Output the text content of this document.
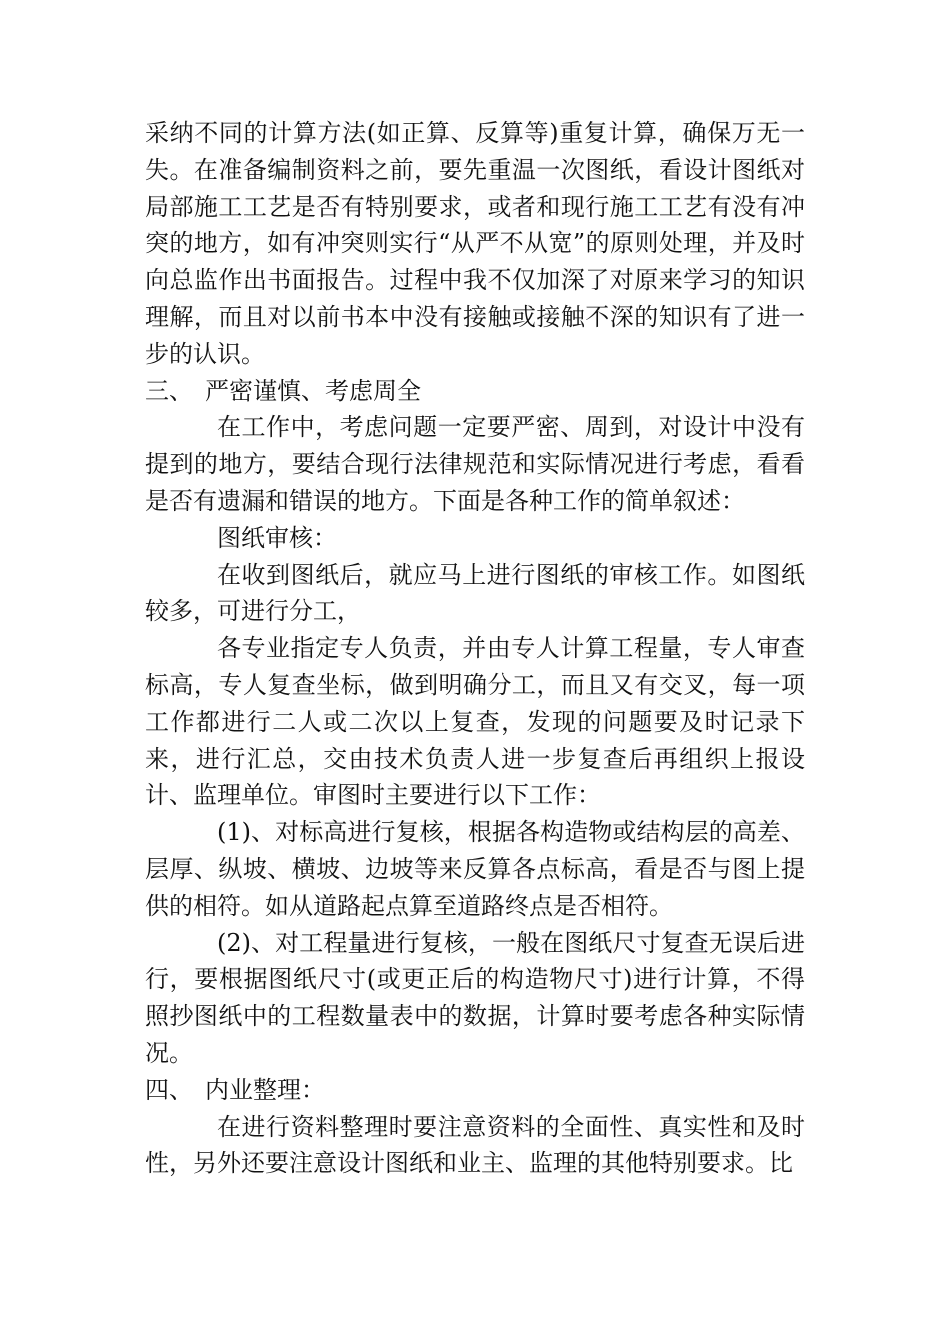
采纳不同的计算方法(如正算、反算等)重复计算，确保万无一失。在准备编制资料之前，要先重温一次图纸，看设计图纸对局部施工工艺是否有特别要求，或者和现行施工工艺有没有冲突的地方，如有冲突则实行“从严不从宽”的原则处理，并及时向总监作出书面报告。过程中我不仅加深了对原来学习的知识理解，而且对以前书本中没有接触或接触不深的知识有了进一步的认识。

三、 严密谨慎、考虑周全

在工作中，考虑问题一定要严密、周到，对设计中没有提到的地方，要结合现行法律规范和实际情况进行考虑，看看是否有遗漏和错误的地方。下面是各种工作的简单叙述：

图纸审核：

在收到图纸后，就应马上进行图纸的审核工作。如图纸较多，可进行分工，

各专业指定专人负责，并由专人计算工程量，专人审查标高，专人复查坐标，做到明确分工，而且又有交叉，每一项工作都进行二人或二次以上复查，发现的问题要及时记录下来，进行汇总，交由技术负责人进一步复查后再组织上报设计、监理单位。审图时主要进行以下工作：

(1)、对标高进行复核，根据各构造物或结构层的高差、层厚、纵坡、横坡、边坡等来反算各点标高，看是否与图上提供的相符。如从道路起点算至道路终点是否相符。

(2)、对工程量进行复核，一般在图纸尺寸复查无误后进行，要根据图纸尺寸(或更正后的构造物尺寸)进行计算，不得照抄图纸中的工程数量表中的数据，计算时要考虑各种实际情况。

四、 内业整理：

在进行资料整理时要注意资料的全面性、真实性和及时性，另外还要注意设计图纸和业主、监理的其他特别要求。比
